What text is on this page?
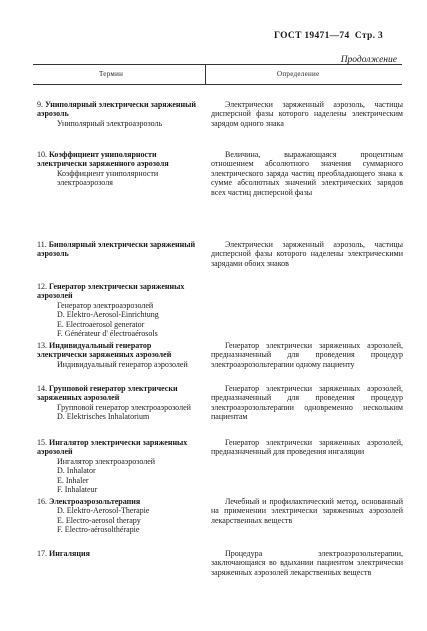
ГОСТ 19471—74 Стр. 3
Продолжение
Термин	Определение
9. Униполярный электрически заряженный аэрозоль
Униполярный электроаэрозоль
Электрически заряженный аэрозоль, частицы дисперсной фазы которого наделены электрическим зарядом одного знака
10. Коэффициент униполярности электрически заряженного аэрозоля
Коэффициент униполярности электроаэрозоля
Величина, выражающаяся процентным отношением абсолютного значения суммарного электрического заряда частиц преобладающего знака к сумме абсолютных значений электрических зарядов всех частиц дисперсной фазы
11. Биполярный электрически заряженный аэрозоль
Электрически заряженный аэрозоль, частицы дисперсной фазы которого наделены электрическими зарядами обоих знаков
12. Генератор электрически заряженных аэрозолей
Генератор электроаэрозолей
D. Elektro-Aerosol-Einrichtung
E. Electroaerosol generator
F. Générateur d' électroaérosols
13. Индивидуальный генератор электрически заряженных аэрозолей
Индивидуальный генератор аэрозолей
Генератор электрически заряженных аэрозолей, предназначенный для проведения процедур электроаэрозольтерапии одному пациенту
14. Групповой генератор электрически заряженных аэрозолей
Групповой генератор электроаэрозолей
D. Elektrisches Inhalatorium
Генератор электрически заряженных аэрозолей, предназначенный для проведения процедур электроаэрозольтерапии одновременно нескольким пациентам
15. Ингалятор электрически заряженных аэрозолей
Ингалятор электроаэрозолей
D. Inhalator
E. Inhaler
F. Inhalateur
Генератор электрически заряженных аэрозолей, предназначенный для проведения ингаляции
16. Электроаэрозольтерапия
D. Elektro-Aerosol-Therapie
E. Electro-aerosol therapy
F. Electro-aérosolthérapie
Лечебный и профилактический метод, основанный на применении электрически заряженных аэрозолей лекарственных веществ
17. Ингаляция	Процедура электроаэрозольтерапии, заключающаяся во вдыхании пациентом электрически заряженных аэрозолей лекарственных веществ
